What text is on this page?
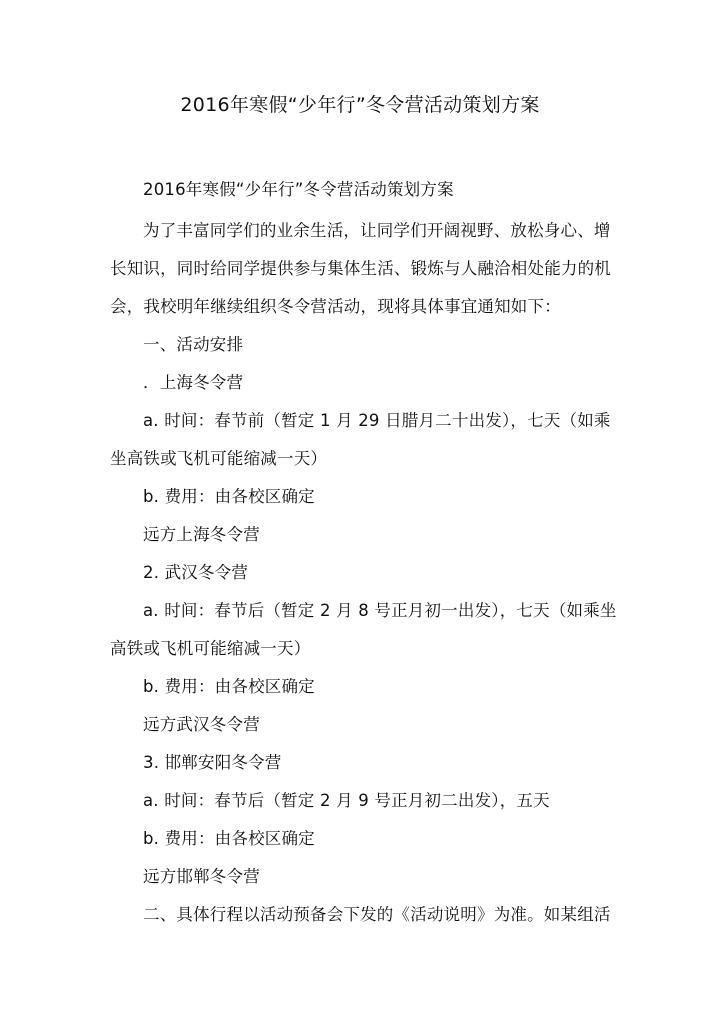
2016年寒假“少年行”冬令营活动策划方案
2016年寒假“少年行”冬令营活动策划方案
为了丰富同学们的业余生活，让同学们开阔视野、放松身心、增
长知识，同时给同学提供参与集体生活、锻炼与人融洽相处能力的机
会，我校明年继续组织冬令营活动，现将具体事宜通知如下：
一、活动安排
．上海冬令营
a. 时间：春节前（暂定 1 月 29 日腊月二十出发），七天（如乘
坐高铁或飞机可能缩减一天）
b. 费用：由各校区确定
远方上海冬令营
2. 武汉冬令营
a. 时间：春节后（暂定 2 月 8 号正月初一出发），七天（如乘坐
高铁或飞机可能缩减一天）
b. 费用：由各校区确定
远方武汉冬令营
3. 邯郸安阳冬令营
a. 时间：春节后（暂定 2 月 9 号正月初二出发），五天
b. 费用：由各校区确定
远方邯郸冬令营
二、具体行程以活动预备会下发的《活动说明》为准。如某组活
